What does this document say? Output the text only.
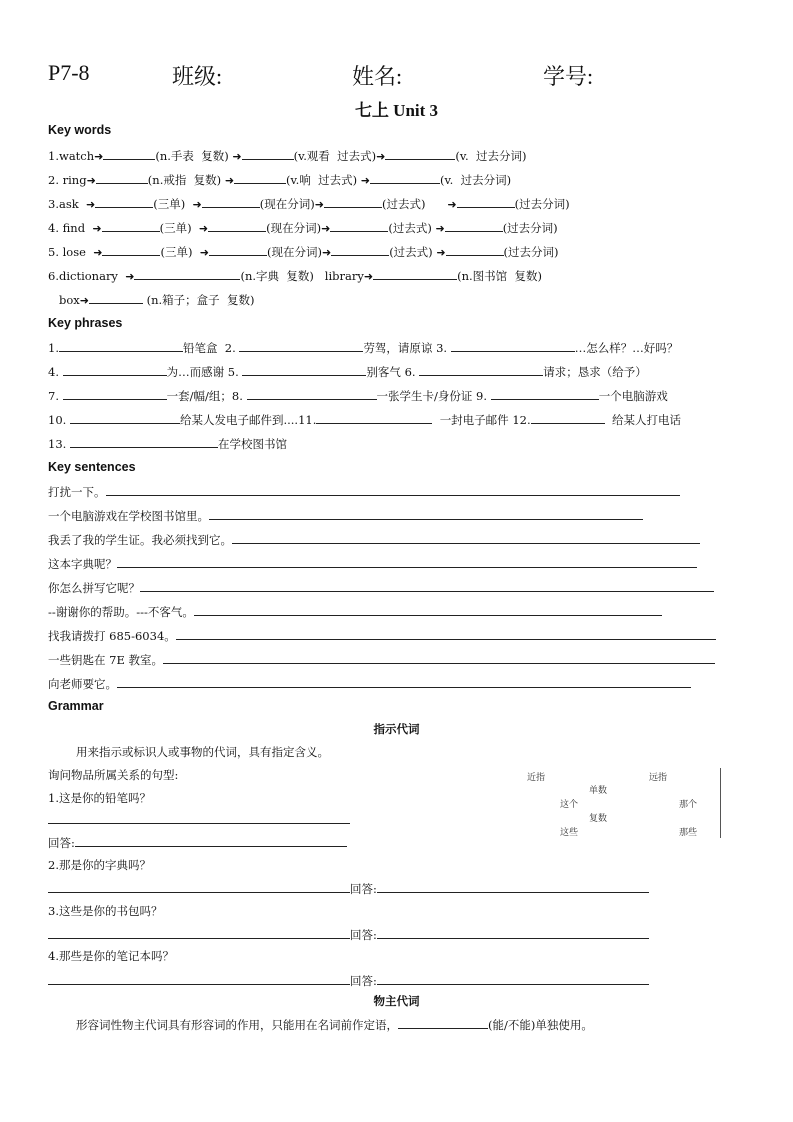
P7-8	班级:	姓名:	学号:
七上 Unit 3
Key words
1.watch➜	(n.手表  复数) ➜	(v.观看  过去式)➜	(v.  过去分词)
2. ring➜	(n.戒指  复数) ➜	(v.响  过去式) ➜	(v.  过去分词)
3.ask ➜	(三单) ➜	(现在分词)➜	(过去式) ➜	(过去分词)
4. find ➜	(三单) ➜	(现在分词)➜	(过去式) ➜	(过去分词)
5. lose ➜	(三单) ➜	(现在分词)➜	(过去式) ➜	(过去分词)
6.dictionary ➜	(n.字典  复数) library➜	(n.图书馆  复数)
box➜	(n.箱子；盒子  复数)
Key phrases
1.	铅笔盒  2.	劳驾，请原谅 3.	…怎么样？…好吗？
4.	为…而感谢 5.	别客气 6.	请求；恳求（给予）
7.	一套/幅/组；8.	一张学生卡/身份证 9.	一个电脑游戏
10.	给某人发电子邮件到....11.	一封电子邮件 12.	给某人打电话
13.	在学校图书馆
Key sentences
打扰一下。
一个电脑游戏在学校图书馆里。
我丢了我的学生证。我必须找到它。
这本字典呢？
你怎么拼写它呢？
--谢谢你的帮助。---不客气。
找我请拨打 685-6034。
一些钥匙在 7E 教室。
向老师要它。
Grammar
指示代词
用来指示或标识人或事物的代词，具有指定含义。
询问物品所属关系的句型:
1.这是你的铅笔吗？
回答:
2.那是你的字典吗？
回答:
3.这些是你的书包吗？
回答:
4.那些是你的笔记本吗？
回答:
物主代词
形容词性物主代词具有形容词的作用，只能用在名词前作定语，	(能/不能)单独使用。
近指	远指
单数
这个	那个
复数
这些	那些
